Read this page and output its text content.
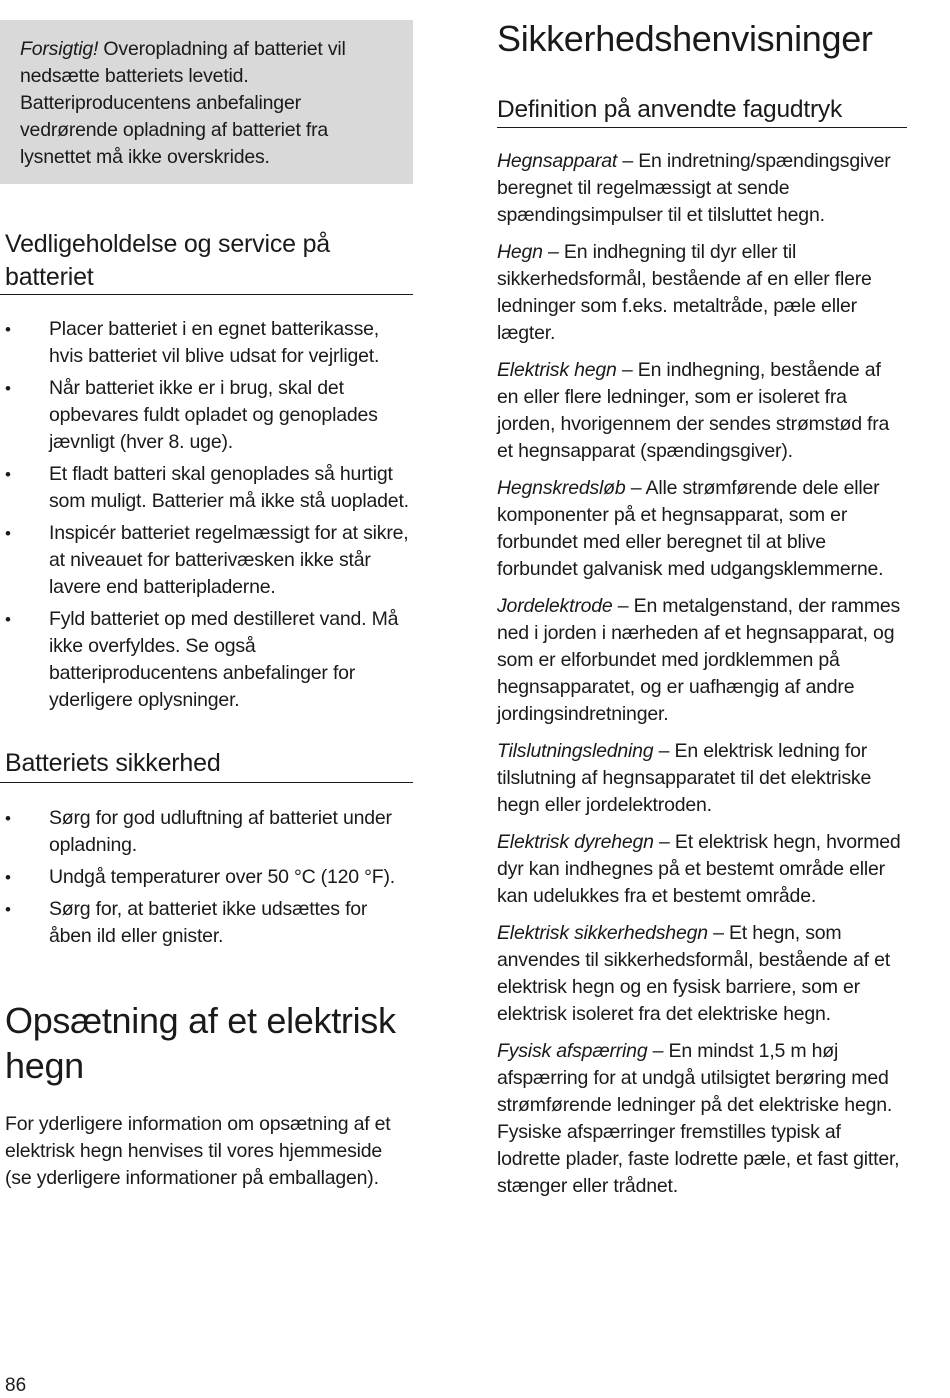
Forsigtig! Overopladning af batteriet vil nedsætte batteriets levetid. Batteriproducentens anbefalinger vedrørende opladning af batteriet fra lysnettet må ikke overskrides.
Vedligeholdelse og service på batteriet
• Placer batteriet i en egnet batterikasse, hvis batteriet vil blive udsat for vejrliget.
• Når batteriet ikke er i brug, skal det opbevares fuldt opladet og genoplades jævnligt (hver 8. uge).
• Et fladt batteri skal genoplades så hurtigt som muligt. Batterier må ikke stå uopladet.
• Inspicér batteriet regelmæssigt for at sikre, at niveauet for batterivæsken ikke står lavere end batteripladerne.
• Fyld batteriet op med destilleret vand. Må ikke overfyldes. Se også batteriproducentens anbefalinger for yderligere oplysninger.
Batteriets sikkerhed
• Sørg for god udluftning af batteriet under opladning.
• Undgå temperaturer over 50 °C (120 °F).
• Sørg for, at batteriet ikke udsættes for åben ild eller gnister.
Opsætning af et elektrisk hegn

For yderligere information om opsætning af et elektrisk hegn henvises til vores hjemmeside (se yderligere informationer på emballagen).

Sikkerhedshenvisninger
Definition på anvendte fagudtryk

Hegnsapparat – En indretning/spændingsgiver beregnet til regelmæssigt at sende spændingsimpulser til et tilsluttet hegn.

Hegn – En indhegning til dyr eller til sikkerhedsformål, bestående af en eller flere ledninger som f.eks. metaltråde, pæle eller lægter.

Elektrisk hegn – En indhegning, bestående af en eller flere ledninger, som er isoleret fra jorden, hvorigennem der sendes strømstød fra et hegnsapparat (spændingsgiver).

Hegnskredsløb – Alle strømførende dele eller komponenter på et hegnsapparat, som er forbundet med eller beregnet til at blive forbundet galvanisk med udgangsklemmerne.

Jordelektrode – En metalgenstand, der rammes ned i jorden i nærheden af et hegnsapparat, og som er elforbundet med jordklemmen på hegnsapparatet, og er uafhængig af andre jordingsindretninger.

Tilslutningsledning – En elektrisk ledning for tilslutning af hegnsapparatet til det elektriske hegn eller jordelektroden.

Elektrisk dyrehegn – Et elektrisk hegn, hvormed dyr kan indhegnes på et bestemt område eller kan udelukkes fra et bestemt område.

Elektrisk sikkerhedshegn – Et hegn, som anvendes til sikkerhedsformål, bestående af et elektrisk hegn og en fysisk barriere, som er elektrisk isoleret fra det elektriske hegn.

Fysisk afspærring – En mindst 1,5 m høj afspærring for at undgå utilsigtet berøring med strømførende ledninger på det elektriske hegn. Fysiske afspærringer fremstilles typisk af lodrette plader, faste lodrette pæle, et fast gitter, stænger eller trådnet.

86
